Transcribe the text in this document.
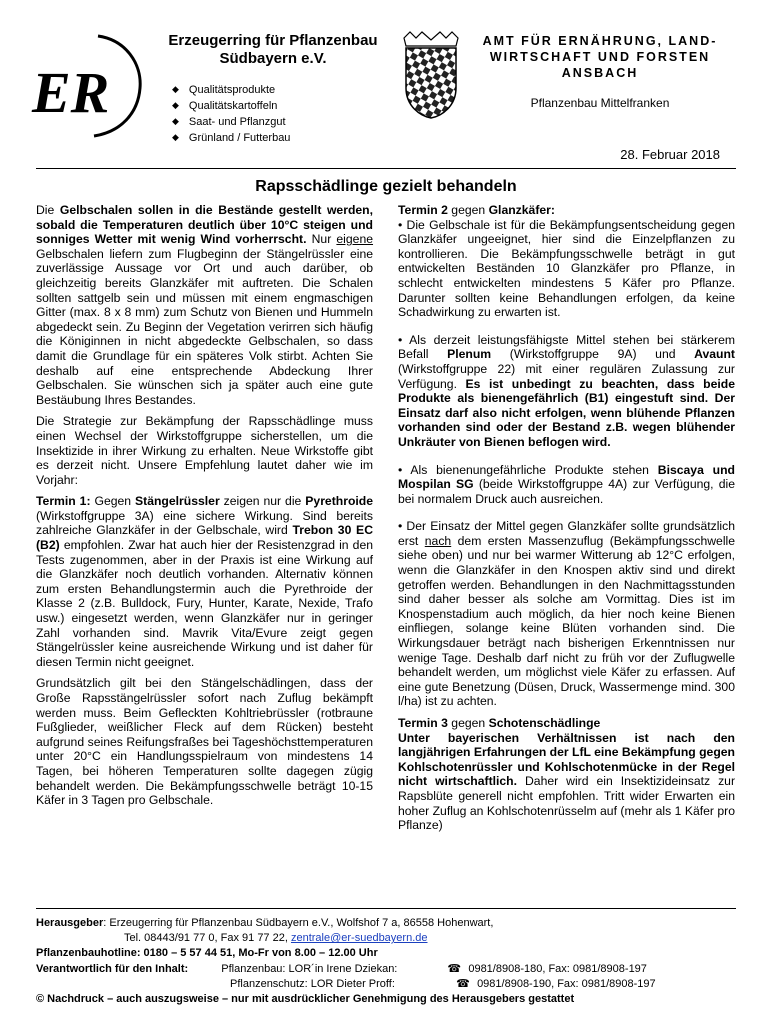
ER
Erzeugerring für Pflanzenbau
Südbayern e.V.
◆ Qualitätsprodukte
◆ Qualitätskartoffeln
◆ Saat- und Pflanzgut
◆ Grünland / Futterbau
AMT FÜR ERNÄHRUNG, LAND-
WIRTSCHAFT UND FORSTEN
ANSBACH
Pflanzenbau Mittelfranken
28. Februar 2018
Rapsschädlinge gezielt behandeln

Die Gelbschalen sollen in die Bestände gestellt werden, sobald die Temperaturen deutlich über 10°C steigen und sonniges Wetter mit wenig Wind vorherrscht. Nur eigene Gelbschalen liefern zum Flugbeginn der Stängelrüssler eine zuverlässige Aussage vor Ort und auch darüber, ob gleichzeitig bereits Glanzkäfer mit auftreten. Die Schalen sollten sattgelb sein und müssen mit einem engmaschigen Gitter (max. 8 x 8 mm) zum Schutz von Bienen und Hummeln abgedeckt sein. Zu Beginn der Vegetation verirren sich häufig die Königinnen in nicht abgedeckte Gelbschalen, so dass damit die Grundlage für ein späteres Volk stirbt. Achten Sie deshalb auf eine entsprechende Abdeckung Ihrer Gelbschalen. Sie wünschen sich ja später auch eine gute Bestäubung Ihres Bestandes.

Die Strategie zur Bekämpfung der Rapsschädlinge muss einen Wechsel der Wirkstoffgruppe sicherstellen, um die Insektizide in ihrer Wirkung zu erhalten. Neue Wirkstoffe gibt es derzeit nicht. Unsere Empfehlung lautet daher wie im Vorjahr:

Termin 1: Gegen Stängelrüssler zeigen nur die Pyrethroide (Wirkstoffgruppe 3A) eine sichere Wirkung. Sind bereits zahlreiche Glanzkäfer in der Gelbschale, wird Trebon 30 EC (B2) empfohlen. Zwar hat auch hier der Resistenzgrad in den Tests zugenommen, aber in der Praxis ist eine Wirkung auf die Glanzkäfer noch deutlich vorhanden. Alternativ können zum ersten Behandlungstermin auch die Pyrethroide der Klasse 2 (z.B. Bulldock, Fury, Hunter, Karate, Nexide, Trafo usw.) eingesetzt werden, wenn Glanzkäfer nur in geringer Zahl vorhanden sind. Mavrik Vita/Evure zeigt gegen Stängelrüssler keine ausreichende Wirkung und ist daher für diesen Termin nicht geeignet.

Grundsätzlich gilt bei den Stängelschädlingen, dass der Große Rapsstängelrüssler sofort nach Zuflug bekämpft werden muss. Beim Gefleckten Kohltriebrüssler (rotbraune Fußglieder, weißlicher Fleck auf dem Rücken) besteht aufgrund seines Reifungsfraßes bei Tageshöchsttemperaturen unter 20°C ein Handlungsspielraum von mindestens 14 Tagen, bei höheren Temperaturen sollte dagegen zügig behandelt werden. Die Bekämpfungsschwelle beträgt 10-15 Käfer in 3 Tagen pro Gelbschale.

Termin 2 gegen Glanzkäfer:

• Die Gelbschale ist für die Bekämpfungsentscheidung gegen Glanzkäfer ungeeignet, hier sind die Einzelpflanzen zu kontrollieren. Die Bekämpfungsschwelle beträgt in gut entwickelten Beständen 10 Glanzkäfer pro Pflanze, in schlecht entwickelten mindestens 5 Käfer pro Pflanze. Darunter sollten keine Behandlungen erfolgen, da keine Schadwirkung zu erwarten ist.

• Als derzeit leistungsfähigste Mittel stehen bei stärkerem Befall Plenum (Wirkstoffgruppe 9A) und Avaunt (Wirkstoffgruppe 22) mit einer regulären Zulassung zur Verfügung. Es ist unbedingt zu beachten, dass beide Produkte als bienengefährlich (B1) eingestuft sind. Der Einsatz darf also nicht erfolgen, wenn blühende Pflanzen vorhanden sind oder der Bestand z.B. wegen blühender Unkräuter von Bienen beflogen wird.

• Als bienenungefährliche Produkte stehen Biscaya und Mospilan SG (beide Wirkstoffgruppe 4A) zur Verfügung, die bei normalem Druck auch ausreichen.

• Der Einsatz der Mittel gegen Glanzkäfer sollte grundsätzlich erst nach dem ersten Massenzuflug (Bekämpfungsschwelle siehe oben) und nur bei warmer Witterung ab 12°C erfolgen, wenn die Glanzkäfer in den Knospen aktiv sind und direkt getroffen werden. Behandlungen in den Nachmittagsstunden sind daher besser als solche am Vormittag. Dies ist im Knospenstadium auch möglich, da hier noch keine Bienen einfliegen, solange keine Blüten vorhanden sind. Die Wirkungsdauer beträgt nach bisherigen Erkenntnissen nur wenige Tage. Deshalb darf nicht zu früh vor der Zuflugwelle behandelt werden, um möglichst viele Käfer zu erfassen. Auf eine gute Benetzung (Düsen, Druck, Wassermenge mind. 300 l/ha) ist zu achten.

Termin 3 gegen Schotenschädlinge

Unter bayerischen Verhältnissen ist nach den langjährigen Erfahrungen der LfL eine Bekämpfung gegen Kohlschotenrüssler und Kohlschotenmücke in der Regel nicht wirtschaftlich. Daher wird ein Insektizideinsatz zur Rapsblüte generell nicht empfohlen. Tritt wider Erwarten ein hoher Zuflug an Kohlschotenrüsselm auf (mehr als 1 Käfer pro Pflanze)

Herausgeber: Erzeugerring für Pflanzenbau Südbayern e.V., Wolfshof 7 a, 86558 Hohenwart,
Tel. 08443/91 77 0, Fax 91 77 22, zentrale@er-suedbayern.de
Pflanzenbauhotline: 0180 – 5 57 44 51, Mo-Fr von 8.00 – 12.00 Uhr
Verantwortlich für den Inhalt:	Pflanzenbau: LOR´in Irene Dziekan:	☎ 0981/8908-180, Fax: 0981/8908-197
Pflanzenschutz: LOR Dieter Proff:	☎ 0981/8908-190, Fax: 0981/8908-197
© Nachdruck – auch auszugsweise – nur mit ausdrücklicher Genehmigung des Herausgebers gestattet
